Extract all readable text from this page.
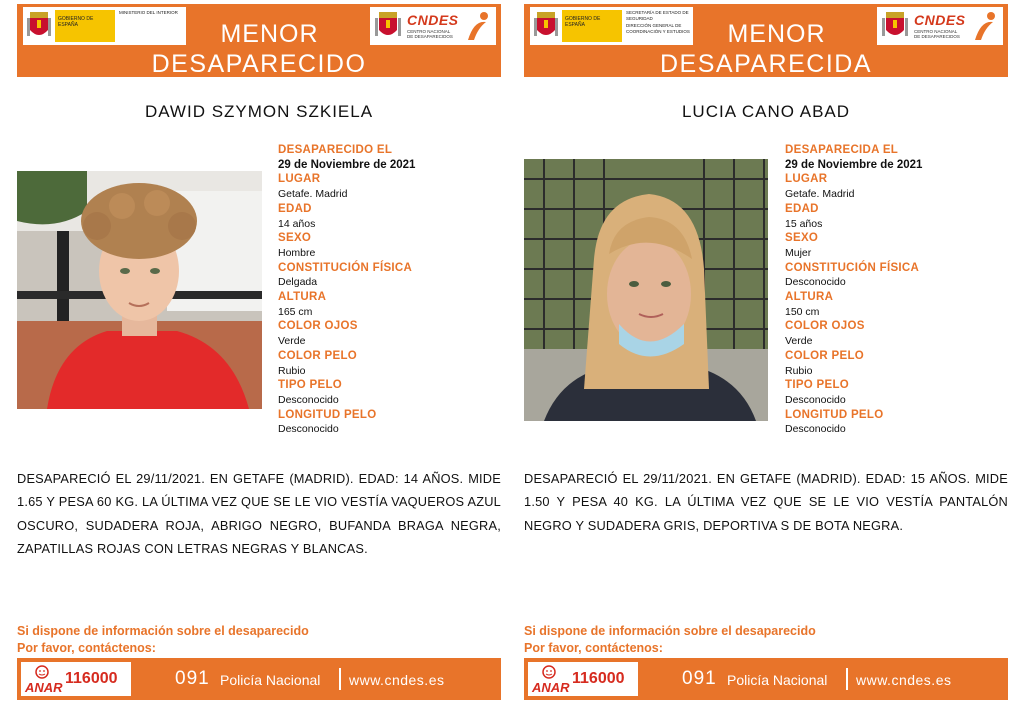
GOBIERNO DE ESPAÑA
MINISTERIO DEL INTERIOR
MENOR
DESAPARECIDO
CNDES
CENTRO NACIONAL DE DESAPARECIDOS
DAWID SZYMON SZKIELA
DESAPARECIDO EL
29 de Noviembre de 2021
LUGAR
Getafe. Madrid
EDAD
14 años
SEXO
Hombre
CONSTITUCIÓN FÍSICA
Delgada
ALTURA
165 cm
COLOR OJOS
Verde
COLOR PELO
Rubio
TIPO PELO
Desconocido
LONGITUD PELO
Desconocido
DESAPARECIÓ EL 29/11/2021. EN GETAFE (MADRID). EDAD: 14 AÑOS. MIDE 1.65 Y PESA 60 KG. LA ÚLTIMA VEZ QUE SE LE VIO VESTÍA VAQUEROS AZUL OSCURO, SUDADERA ROJA, ABRIGO NEGRO, BUFANDA BRAGA NEGRA, ZAPATILLAS ROJAS CON LETRAS NEGRAS Y BLANCAS.
Si dispone de información sobre el desaparecido
Por favor, contáctenos:
ANAR
116000	091 Policía Nacional www.cndes.es
GOBIERNO DE ESPAÑA
SECRETARÍA DE ESTADO DE SEGURIDAD
DIRECCIÓN GENERAL DE COORDINACIÓN Y ESTUDIOS	MENOR
DESAPARECIDA
CNDES
CENTRO NACIONAL DE DESAPARECIDOS
LUCIA CANO ABAD
DESAPARECIDA EL
29 de Noviembre de 2021
LUGAR
Getafe. Madrid
EDAD
15 años
SEXO
Mujer
CONSTITUCIÓN FÍSICA
Desconocido
ALTURA
150 cm
COLOR OJOS
Verde
COLOR PELO
Rubio
TIPO PELO
Desconocido
LONGITUD PELO
Desconocido
DESAPARECIÓ EL 29/11/2021. EN GETAFE (MADRID). EDAD: 15 AÑOS. MIDE 1.50 Y PESA 40 KG. LA ÚLTIMA VEZ QUE SE LE VIO VESTÍA PANTALÓN NEGRO Y SUDADERA GRIS, DEPORTIVA S DE BOTA NEGRA.
Si dispone de información sobre el desaparecido
Por favor, contáctenos:
ANAR
116000	091 Policía Nacional www.cndes.es
